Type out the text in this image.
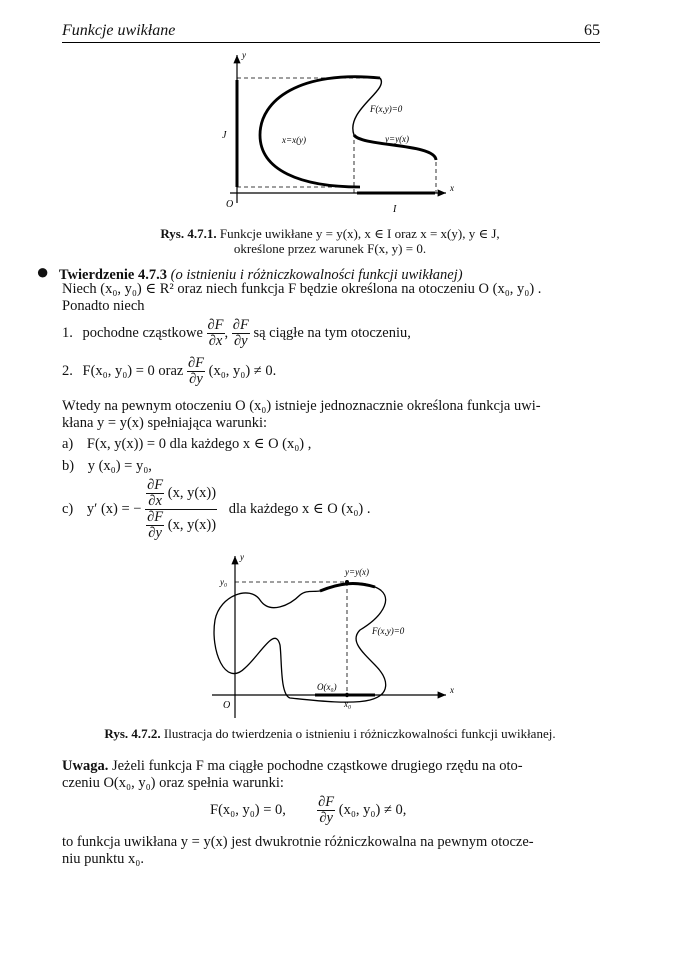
Funkcje uwikłane	65
y
J
O	I
x
F(x,y)=0
x=x(y)	y=y(x)
Rys. 4.7.1. Funkcje uwikłane y = y(x), x ∈ I oraz x = x(y), y ∈ J,
określone przez warunek F(x, y) = 0.
● Twierdzenie 4.7.3 (o istnieniu i różniczkowalności funkcji uwikłanej)
Niech (x₀, y₀) ∈ R² oraz niech funkcja F będzie określona na otoczeniu O (x₀, y₀) .
Ponadto niech
1. pochodne cząstkowe $\frac{\partial F}{\partial x}$ , $\frac{\partial F}{\partial y}$ są ciągłe na tym otoczeniu,
2. F(x₀, y₀) = 0 oraz $\frac{\partial F}{\partial y} (x_0$, y₀) ≠ 0.
Wtedy na pewnym otoczeniu O (x₀) istnieje jednoznacznie określona funkcja uwi-
kłana y = y(x) spełniająca warunki:
a) F(x, y(x)) = 0 dla każdego x ∈ O (x₀) ,
b) y (x₀) = y₀,
c) y′ (x) = − $\frac{\frac{\partial F}{\partial x} (x, y(x))}{\frac{\partial F}{\partial y} (x, y(x))}$ dla każdego x ∈ O (x₀) .
y
y₀
y=y(x)
F(x,y)=0
O(x₀)
x₀
O
x
Rys. 4.7.2. Ilustracja do twierdzenia o istnieniu i różniczkowalności funkcji uwikłanej.
Uwaga. Jeżeli funkcja F ma ciągłe pochodne cząstkowe drugiego rzędu na oto-
czeniu O(x₀, y₀) oraz spełnia warunki:
F(x₀, y₀) = 0, $\frac{\partial F}{\partial y} (x_0$, y₀) ≠ 0,
to funkcja uwikłana y = y(x) jest dwukrotnie różniczkowalna na pewnym otocze-
niu punktu x₀.
